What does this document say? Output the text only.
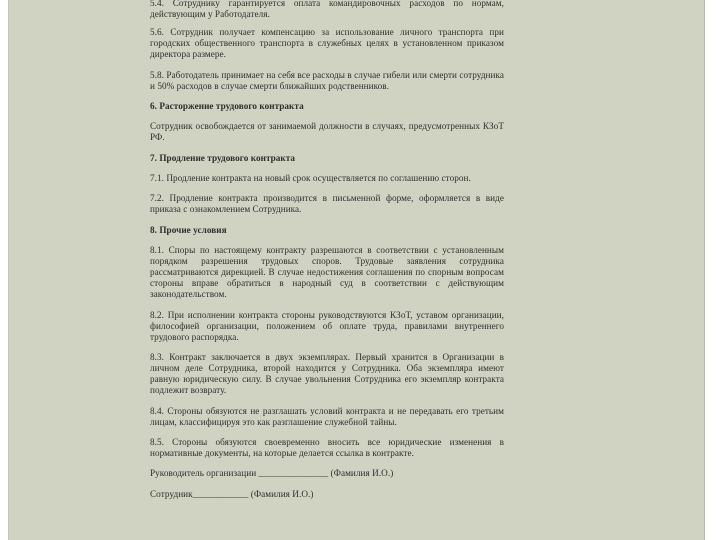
5.4. Сотруднику гарантируется оплата командировочных расходов по нормам, действующим у Работодателя.

5.6. Сотрудник получает компенсацию за использование личного транспорта при городских общественного транспорта в служебных целях в установленном приказом директора размере.

5.8. Работодатель принимает на себя все расходы в случае гибели или смерти сотрудника и 50% расходов в случае смерти ближайших родственников.

6. Расторжение трудового контракта

Сотрудник освобождается от занимаемой должности в случаях, предусмотренных КЗоТ РФ.

7. Продление трудового контракта

7.1. Продление контракта на новый срок осуществляется по соглашению сторон.

7.2. Продление контракта производится в письменной форме, оформляется в виде приказа с ознакомлением Сотрудника.

8. Прочие условия

8.1. Споры по настоящему контракту разрешаются в соответствии с установленным порядком разрешения трудовых споров. Трудовые заявления сотрудника рассматриваются дирекцией. В случае недостижения соглашения по спорным вопросам стороны вправе обратиться в народный суд в соответствии с действующим законодательством.

8.2. При исполнении контракта стороны руководствуются КЗоТ, уставом организации, философией организации, положением об оплате труда, правилами внутреннего трудового распорядка.

8.3. Контракт заключается в двух экземплярах. Первый хранится в Организации в личном деле Сотрудника, второй находится у Сотрудника. Оба экземпляра имеют равную юридическую силу. В случае увольнения Сотрудника его экземпляр контракта подлежит возврату.

8.4. Стороны обязуются не разглашать условий контракта и не передавать его третьим лицам, классифицируя это как разглашение служебной тайны.

8.5. Стороны обязуются своевременно вносить все юридические изменения в нормативные документы, на которые делается ссылка в контракте.

Руководитель организации _______________ (Фамилия И.О.)

Сотрудник____________ (Фамилия И.О.)
